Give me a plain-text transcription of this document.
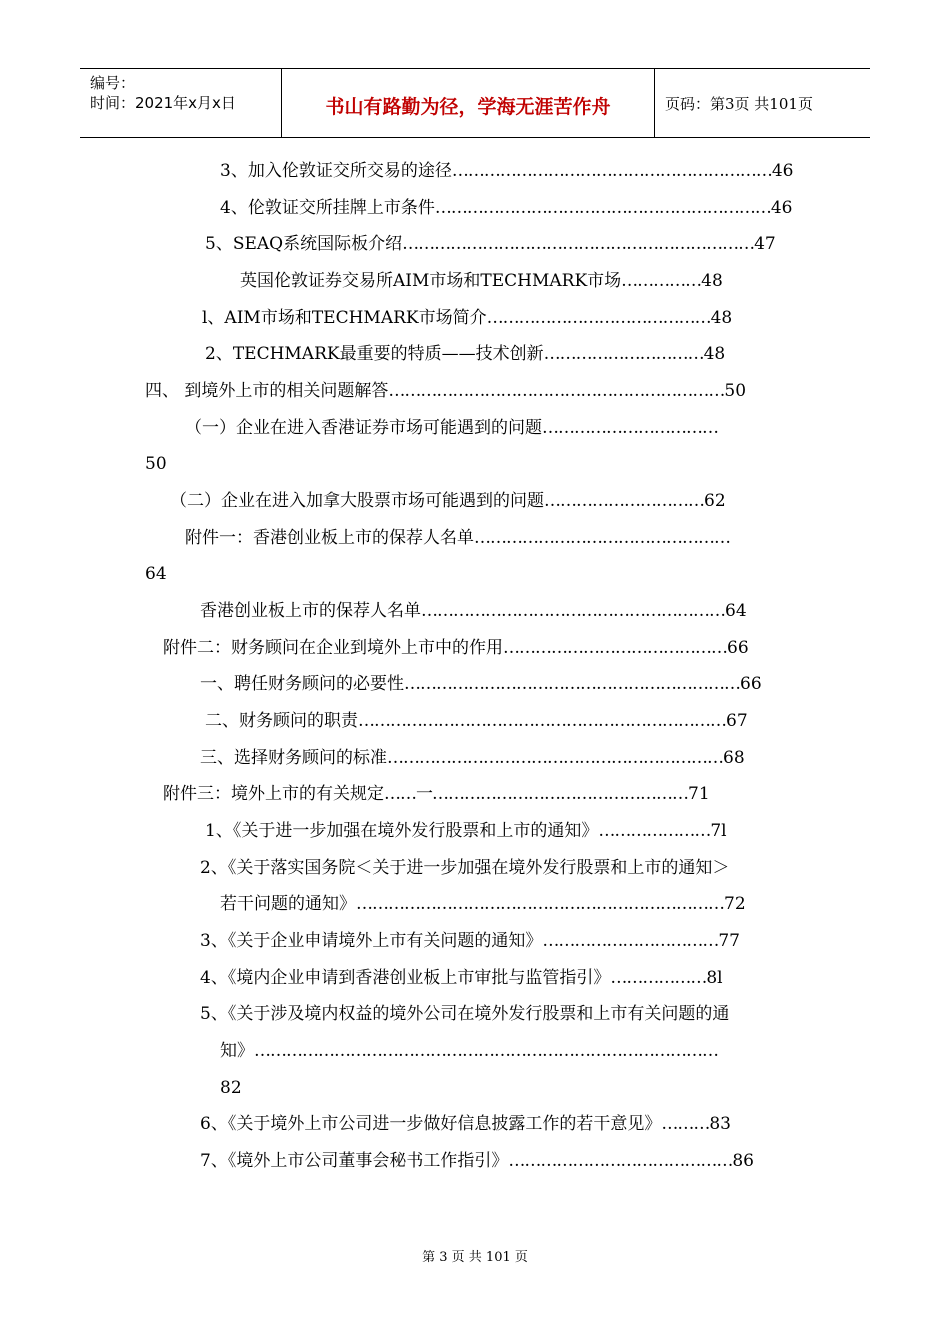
编号：
时间：2021年x月x日	书山有路勤为径，学海无涯苦作舟	页码：第3页 共101页
3、加入伦敦证交所交易的途径……………………………………………………46
4、伦敦证交所挂牌上市条件………………………………………………………46
5、SEAQ系统国际板介绍…………………………………………………………47
英国伦敦证券交易所AIM市场和TECHMARK市场……………48
l、AIM市场和TECHMARK市场简介……………………………………48
2、TECHMARK最重要的特质——技术创新…………………………48
四、 到境外上市的相关问题解答………………………………………………………50
（一）企业在进入香港证券市场可能遇到的问题……………………………
50
（二）企业在进入加拿大股票市场可能遇到的问题…………………………62
附件一：香港创业板上市的保荐人名单…………………………………………
64
香港创业板上市的保荐人名单…………………………………………………64
附件二：财务顾问在企业到境外上市中的作用……………………………………66
一、聘任财务顾问的必要性………………………………………………………66
二、财务顾问的职责……………………………………………………………67
三、选择财务顾问的标准………………………………………………………68
附件三：境外上市的有关规定……一…………………………………………71
1、《关于进一步加强在境外发行股票和上市的通知》…………………7l
2、《关于落实国务院＜关于进一步加强在境外发行股票和上市的通知＞
若干问题的通知》……………………………………………………………72
3、《关于企业申请境外上市有关问题的通知》……………………………77
4、《境内企业申请到香港创业板上市审批与监管指引》………………8l
5、《关于涉及境内权益的境外公司在境外发行股票和上市有关问题的通
知》……………………………………………………………………………
82
6、《关于境外上市公司进一步做好信息披露工作的若干意见》………83
7、《境外上市公司董事会秘书工作指引》……………………………………86
第 3 页 共 101 页
